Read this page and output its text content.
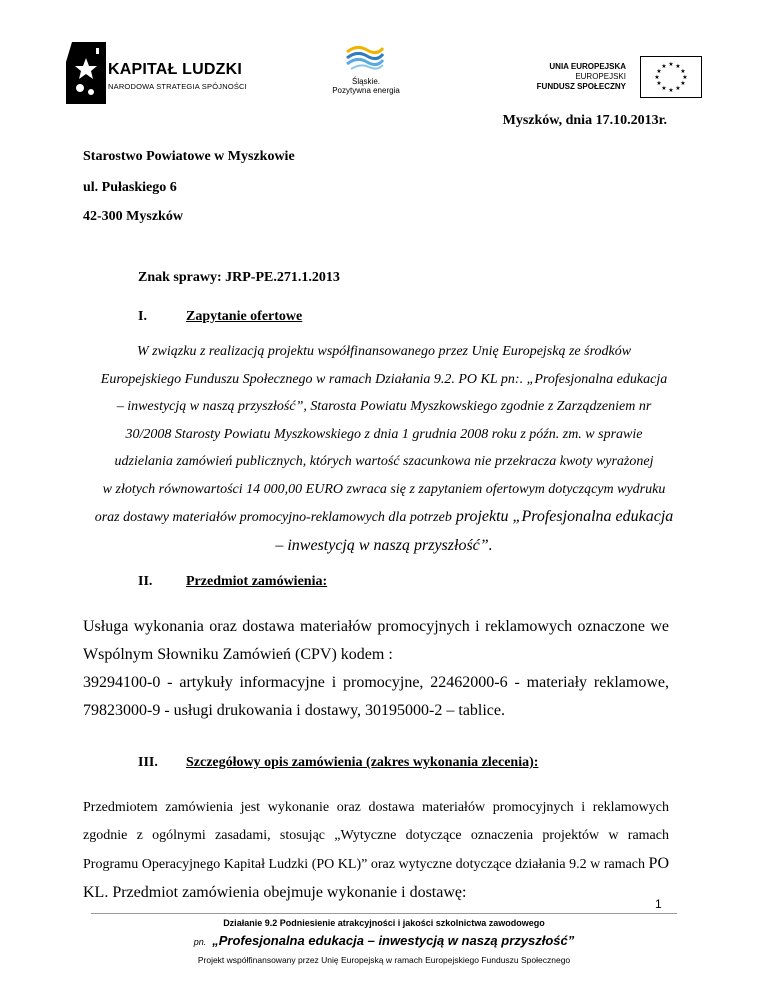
KAPITAŁ LUDZKI
NARODOWA STRATEGIA SPÓJNOŚCI
Śląskie.
Pozytywna energia
UNIA EUROPEJSKA
EUROPEJSKI
FUNDUSZ SPOŁECZNY
★ ★
★
★
★
★
★
★
★
★
★
★
Myszków, dnia 17.10.2013r.
Starostwo Powiatowe w Myszkowie
ul. Pułaskiego 6
42-300 Myszków
Znak sprawy: JRP-PE.271.1.2013
I.	Zapytanie ofertowe
W związku z realizacją projektu współfinansowanego przez Unię Europejską ze środków
Europejskiego Funduszu Społecznego w ramach Działania 9.2. PO KL pn:. „Profesjonalna edukacja
– inwestycją w naszą przyszłość”, Starosta Powiatu Myszkowskiego zgodnie z Zarządzeniem nr
30/2008 Starosty Powiatu Myszkowskiego z dnia 1 grudnia 2008 roku z późn. zm. w sprawie
udzielania zamówień publicznych, których wartość szacunkowa nie przekracza kwoty wyrażonej
w złotych równowartości 14 000,00 EURO zwraca się z zapytaniem ofertowym dotyczącym wydruku
oraz dostawy materiałów promocyjno-reklamowych dla potrzeb projektu „Profesjonalna edukacja
– inwestycją w naszą przyszłość”.
II. Przedmiot zamówienia:
Usługa wykonania oraz dostawa materiałów promocyjnych i reklamowych oznaczone we
Wspólnym Słowniku Zamówień (CPV) kodem :
39294100-0 - artykuły informacyjne i promocyjne, 22462000-6 - materiały reklamowe,
79823000-9 - usługi drukowania i dostawy, 30195000-2 – tablice.
III. Szczegółowy opis zamówienia (zakres wykonania zlecenia):
Przedmiotem zamówienia jest wykonanie oraz dostawa materiałów promocyjnych i reklamowych zgodnie z ogólnymi zasadami, stosując „Wytyczne dotyczące oznaczenia projektów w ramach Programu Operacyjnego Kapitał Ludzki (PO KL)” oraz wytyczne dotyczące działania 9.2 w ramach PO KL. Przedmiot zamówienia obejmuje wykonanie i dostawę:
1
Działanie 9.2 Podniesienie atrakcyjności i jakości szkolnictwa zawodowego
pn. „Profesjonalna edukacja – inwestycją w naszą przyszłość”
Projekt współfinansowany przez Unię Europejską w ramach Europejskiego Funduszu Społecznego
